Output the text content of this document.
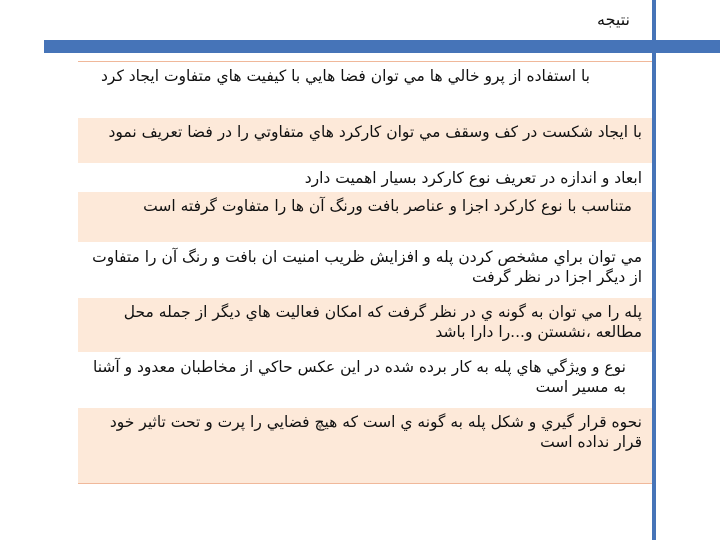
نتيجه
با استفاده از پرو خالي ها مي توان فضا هايي با كيفيت هاي متفاوت ايجاد كرد
با ايجاد شكست در كف وسقف مي توان كاركرد هاي متفاوتي را در فضا تعريف نمود
ابعاد و اندازه در تعريف نوع كاركرد بسيار اهميت دارد
متناسب با نوع كاركرد اجزا و عناصر بافت ورنگ آن ها را متفاوت گرفته است
مي توان براي مشخص كردن پله و افزايش ظريب امنيت ان بافت و رنگ آن را متفاوت از ديگر اجزا در نظر گرفت
پله را مي توان به گونه ي در نظر گرفت كه امكان فعاليت هاي ديگر از جمله محل مطالعه ،نشستن و...را دارا باشد
نوع و ويژگي هاي پله به كار برده شده در اين عكس حاكي از مخاطبان معدود و آشنا به مسير است
نحوه قرار گيري و شكل پله به گونه ي است كه هيچ فضايي را پرت و تحت تاثير خود قرار نداده است
